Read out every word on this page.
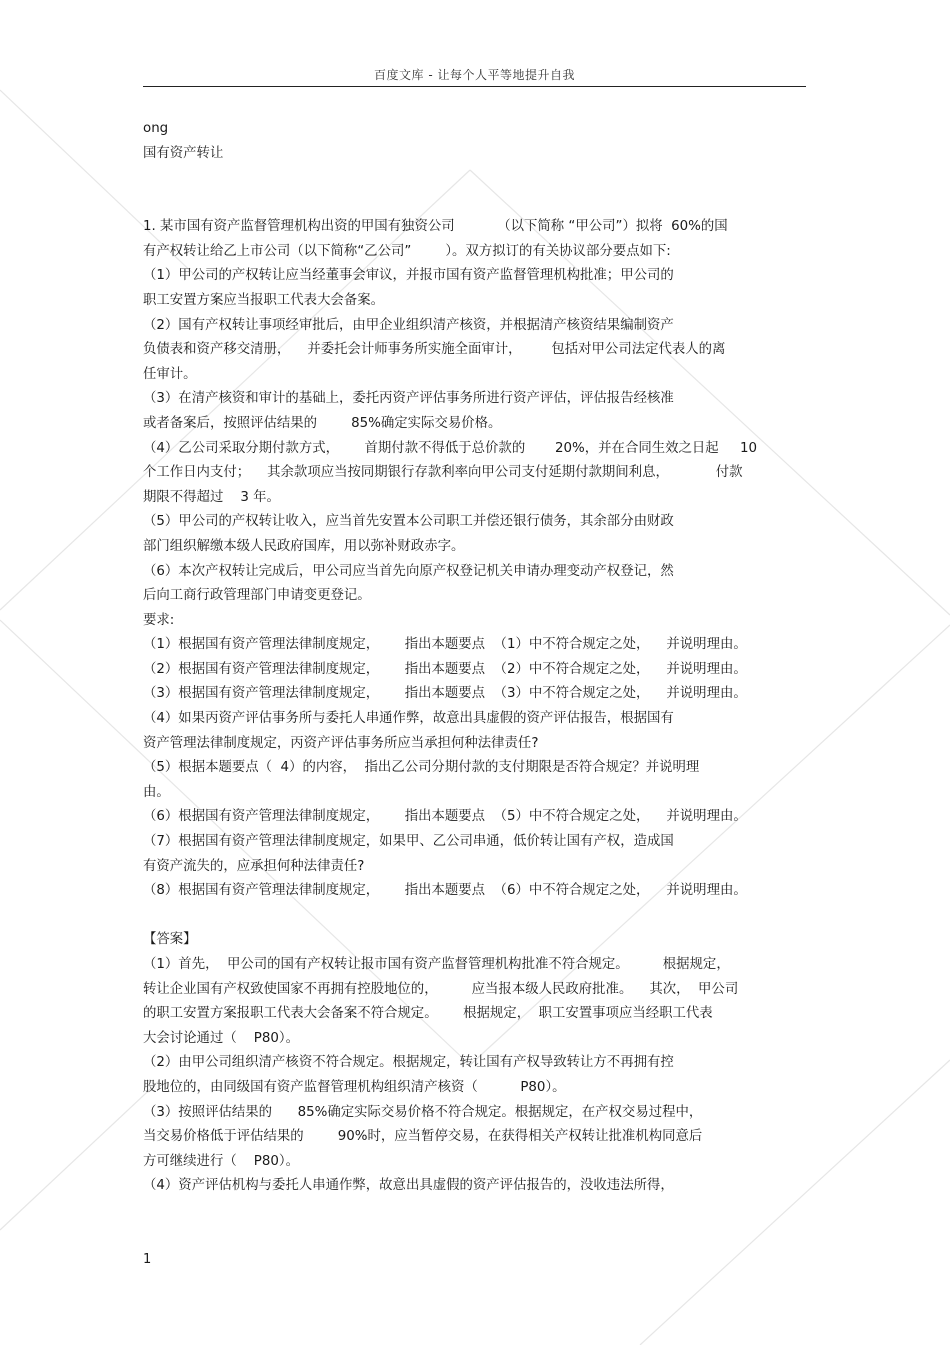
百度文库 - 让每个人平等地提升自我
ong
国有资产转让
1. 某市国有资产监督管理机构出资的甲国有独资公司          （以下简称 “甲公司”）拟将  60%的国
有产权转让给乙上市公司（以下简称“乙公司”        ）。双方拟订的有关协议部分要点如下:
（1）甲公司的产权转让应当经董事会审议，并报市国有资产监督管理机构批准；甲公司的
职工安置方案应当报职工代表大会备案。
（2）国有产权转让事项经审批后，由甲企业组织清产核资，并根据清产核资结果编制资产
负债表和资产移交清册，    并委托会计师事务所实施全面审计，       包括对甲公司法定代表人的离
任审计。
（3）在清产核资和审计的基础上，委托丙资产评估事务所进行资产评估，评估报告经核准
或者备案后，按照评估结果的        85%确定实际交易价格。
（4）乙公司采取分期付款方式，      首期付款不得低于总价款的       20%，并在合同生效之日起     10
个工作日内支付；    其余款项应当按同期银行存款利率向甲公司支付延期付款期间利息，           付款
期限不得超过    3 年。
（5）甲公司的产权转让收入，应当首先安置本公司职工并偿还银行债务，其余部分由财政
部门组织解缴本级人民政府国库，用以弥补财政赤字。
（6）本次产权转让完成后，甲公司应当首先向原产权登记机关申请办理变动产权登记，然
后向工商行政管理部门申请变更登记。
要求:
（1）根据国有资产管理法律制度规定，      指出本题要点  （1）中不符合规定之处，    并说明理由。
（2）根据国有资产管理法律制度规定，      指出本题要点  （2）中不符合规定之处，    并说明理由。
（3）根据国有资产管理法律制度规定，      指出本题要点  （3）中不符合规定之处，    并说明理由。
（4）如果丙资产评估事务所与委托人串通作弊，故意出具虚假的资产评估报告，根据国有
资产管理法律制度规定，丙资产评估事务所应当承担何种法律责任?
（5）根据本题要点（  4）的内容，  指出乙公司分期付款的支付期限是否符合规定？并说明理
由。
（6）根据国有资产管理法律制度规定，      指出本题要点  （5）中不符合规定之处，    并说明理由。
（7）根据国有资产管理法律制度规定，如果甲、乙公司串通，低价转让国有产权，造成国
有资产流失的，应承担何种法律责任?
（8）根据国有资产管理法律制度规定，      指出本题要点  （6）中不符合规定之处，    并说明理由。
【答案】
（1）首先，  甲公司的国有产权转让报市国有资产监督管理机构批准不符合规定。        根据规定，
转让企业国有产权致使国家不再拥有控股地位的，        应当报本级人民政府批准。    其次，  甲公司
的职工安置方案报职工代表大会备案不符合规定。      根据规定，  职工安置事项应当经职工代表
大会讨论通过（    P80）。
（2）由甲公司组织清产核资不符合规定。根据规定，转让国有产权导致转让方不再拥有控
股地位的，由同级国有资产监督管理机构组织清产核资（          P80）。
（3）按照评估结果的      85%确定实际交易价格不符合规定。根据规定，在产权交易过程中，
当交易价格低于评估结果的        90%时，应当暂停交易，在获得相关产权转让批准机构同意后
方可继续进行（    P80）。
（4）资产评估机构与委托人串通作弊，故意出具虚假的资产评估报告的，没收违法所得，
1
